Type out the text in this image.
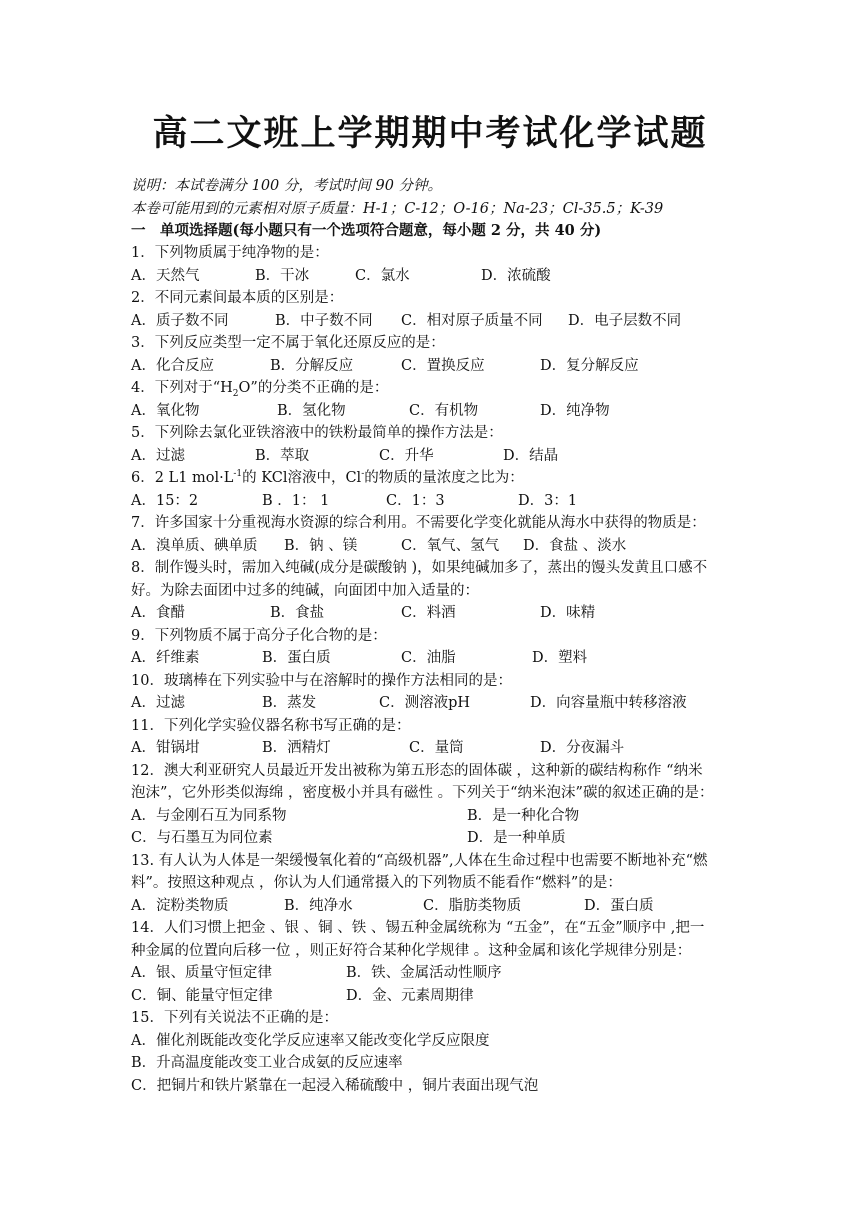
高二文班上学期期中考试化学试题
说明：本试卷满分 100 分，考试时间 90 分钟。
本卷可能用到的元素相对原子质量：H-1；C-12；O-16；Na-23；Cl-35.5；K-39
一　单项选择题(每小题只有一个选项符合题意，每小题 2 分，共 40 分)
1．下列物质属于纯净物的是：
A．天然气	B．干冰	C．氯水	D．浓硫酸
2．不同元素间最本质的区别是：
A．质子数不同	B．中子数不同 C．相对原子质量不同 D．电子层数不同
3．下列反应类型一定不属于氧化还原反应的是：
A．化合反应	B．分解反应	C．置换反应	D．复分解反应
4．下列对于“$H_2O$”的分类不正确的是：
A．氧化物	B．氢化物	C．有机物	D．纯净物
5．下列除去氯化亚铁溶液中的铁粉最简单的操作方法是：
A．过滤	B．萃取	C．升华	D．结晶
6．2 L1 $mol\cdot L^{-1}$的 KCl溶液中，Cl-的物质的量浓度之比为：
A．15：2	B ．1： 1	C．1：3	D．3：1
7．许多国家十分重视海水资源的综合利用。不需要化学变化就能从海水中获得的物质是：
A．溴单质、碘单质 B．钠 、镁	C．氧气、氢气 D．食盐 、淡水
8．制作馒头时，需加入纯碱(成分是碳酸钠 )，如果纯碱加多了，蒸出的馒头发黄且口感不
好。为除去面团中过多的纯碱，向面团中加入适量的：
A．食醋	B．食盐	C．料酒	D．味精
9．下列物质不属于高分子化合物的是：
A．纤维素	B．蛋白质	C．油脂	D．塑料
10．玻璃棒在下列实验中与在溶解时的操作方法相同的是：
A．过滤	B．蒸发	C．测溶液pH	D．向容量瓶中转移溶液
11．下列化学实验仪器名称书写正确的是：
A．钳锅坩	B．洒精灯	C．量筒	D．分夜漏斗
12．澳大利亚研究人员最近开发出被称为第五形态的固体碳 ，这种新的碳结构称作 “纳米
泡沫”，它外形类似海绵 ，密度极小并具有磁性 。下列关于“纳米泡沫”碳的叙述正确的是：
A．与金刚石互为同系物	B．是一种化合物
C．与石墨互为同位素	D．是一种单质
13. 有人认为人体是一架缓慢氧化着的“高级机器”,人体在生命过程中也需要不断地补充“燃
料”。按照这种观点 ，你认为人们通常摄入的下列物质不能看作“燃料”的是：
A．淀粉类物质	B．纯净水	C．脂肪类物质	D．蛋白质
14．人们习惯上把金 、银 、铜 、铁 、锡五种金属统称为 “五金”，在“五金”顺序中 ,把一
种金属的位置向后移一位 ，则正好符合某种化学规律 。这种金属和该化学规律分别是：
A．银、质量守恒定律	B．铁、金属活动性顺序
C．铜、能量守恒定律	D．金、元素周期律
15．下列有关说法不正确的是：
A．催化剂既能改变化学反应速率又能改变化学反应限度
B．升高温度能改变工业合成氨的反应速率
C．把铜片和铁片紧靠在一起浸入稀硫酸中 ，铜片表面出现气泡
